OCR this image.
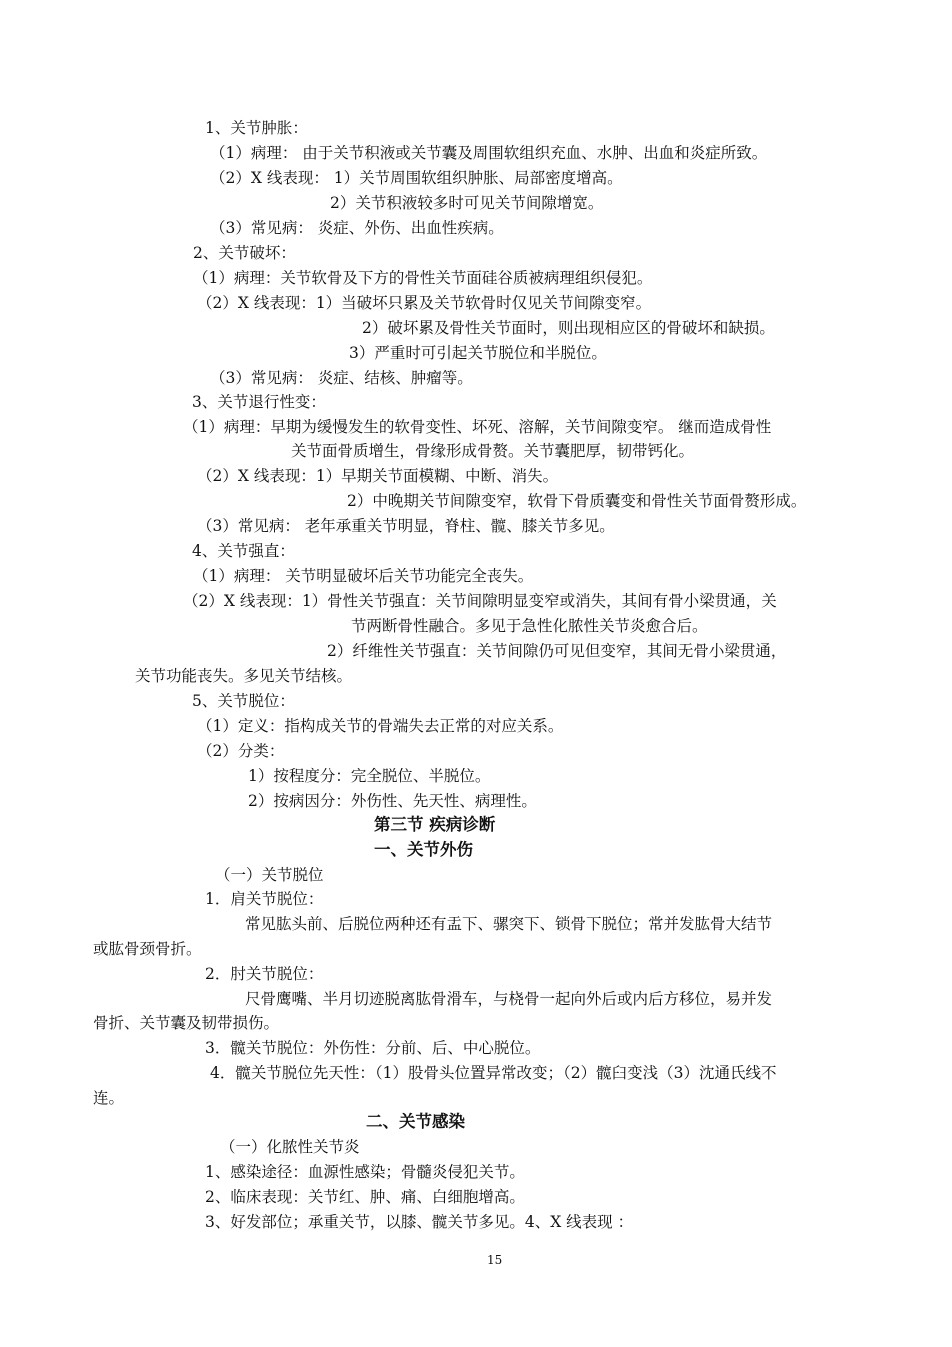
1、关节肿胀：
（1）病理： 由于关节积液或关节囊及周围软组织充血、水肿、出血和炎症所致。
（2）X 线表现： 1）关节周围软组织肿胀、局部密度增高。
2）关节积液较多时可见关节间隙增宽。
（3）常见病： 炎症、外伤、出血性疾病。
2、关节破坏：
（1）病理：关节软骨及下方的骨性关节面硅谷质被病理组织侵犯。
（2）X 线表现：1）当破坏只累及关节软骨时仅见关节间隙变窄。
2）破坏累及骨性关节面时，则出现相应区的骨破坏和缺损。
3）严重时可引起关节脱位和半脱位。
（3）常见病： 炎症、结核、肿瘤等。
3、关节退行性变：
（1）病理：早期为缓慢发生的软骨变性、坏死、溶解，关节间隙变窄。 继而造成骨性
关节面骨质增生，骨缘形成骨赘。关节囊肥厚，韧带钙化。
（2）X 线表现：1）早期关节面模糊、中断、消失。
2）中晚期关节间隙变窄，软骨下骨质囊变和骨性关节面骨赘形成。
（3）常见病： 老年承重关节明显，脊柱、髋、膝关节多见。
4、关节强直：
（1）病理： 关节明显破坏后关节功能完全丧失。
（2）X 线表现：1）骨性关节强直：关节间隙明显变窄或消失，其间有骨小梁贯通，关
节两断骨性融合。多见于急性化脓性关节炎愈合后。
2）纤维性关节强直：关节间隙仍可见但变窄，其间无骨小梁贯通，
关节功能丧失。多见关节结核。
5、关节脱位：
（1）定义：指构成关节的骨端失去正常的对应关系。
（2）分类：
1）按程度分：完全脱位、半脱位。
2）按病因分：外伤性、先天性、病理性。
第三节 疾病诊断
一、关节外伤
（一）关节脱位
1．肩关节脱位：
常见肱头前、后脱位两种还有盂下、骡突下、锁骨下脱位；常并发肱骨大结节
或肱骨颈骨折。
2．肘关节脱位：
尺骨鹰嘴、半月切迹脱离肱骨滑车，与桡骨一起向外后或内后方移位，易并发
骨折、关节囊及韧带损伤。
3．髋关节脱位：外伤性：分前、后、中心脱位。
4．髋关节脱位先天性：（1）股骨头位置异常改变；（2）髋臼变浅（3）沈通氏线不
连。
二、关节感染
（一）化脓性关节炎
1、感染途径：血源性感染；骨髓炎侵犯关节。
2、临床表现：关节红、肿、痛、白细胞增高。
3、好发部位；承重关节，以膝、髋关节多见。4、X 线表现 ：
15
